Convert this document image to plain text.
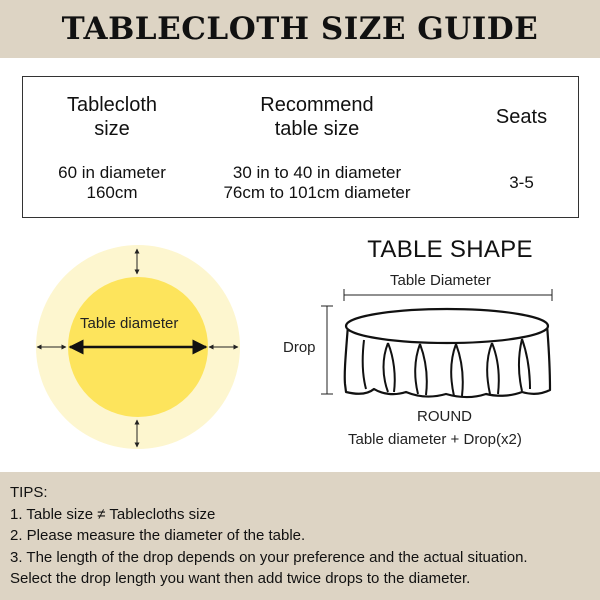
TABLECLOTH SIZE GUIDE
Tablecloth
size
Recommend
table size
Seats
60 in diameter
160cm
30 in to 40 in diameter
76cm to 101cm diameter
3-5
Table diameter
TABLE SHAPE
Table Diameter
Drop
ROUND
Table diameter + Drop(x2)
TIPS:
1. Table size ≠ Tablecloths size
2. Please measure the diameter of the table.
3. The length of the drop depends on your preference and the actual situation.
Select the drop length you want then add twice drops to the diameter.
